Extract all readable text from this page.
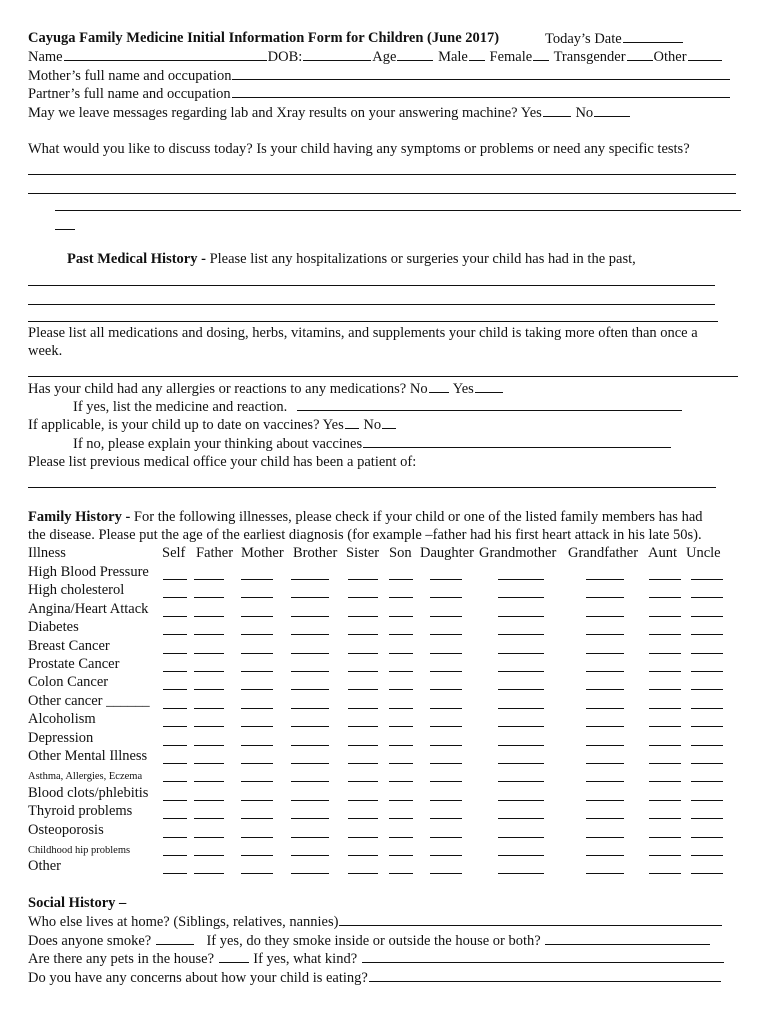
Cayuga Family Medicine Initial Information Form for Children (June 2017)	Today’s Date
Name	DOB:	Age	Male Female Transgender Other
Mother’s full name and occupation
Partner’s full name and occupation
May we leave messages regarding lab and Xray results on your answering machine? Yes No
What would you like to discuss today? Is your child having any symptoms or problems or need any specific tests?
Past Medical History - Please list any hospitalizations or surgeries your child has had in the past,
Please list all medications and dosing, herbs, vitamins, and supplements your child is taking more often than once a
week.
Has your child had any allergies or reactions to any medications? No Yes
If yes, list the medicine and reaction.
If applicable, is your child up to date on vaccines? Yes No
If no, please explain your thinking about vaccines
Please list previous medical office your child has been a patient of:
Family History - For the following illnesses, please check if your child or one of the listed family members has had
the disease. Please put the age of the earliest diagnosis (for example –father had his first heart attack in his late 50s).
Illness	Self Father Mother Brother Sister Son Daughter Grandmother Grandfather Aunt Uncle
High Blood Pressure
High cholesterol
Angina/Heart Attack
Diabetes
Breast Cancer
Prostate Cancer
Colon Cancer
Other cancer ______
Alcoholism
Depression
Other Mental Illness
Asthma, Allergies, Eczema
Blood clots/phlebitis
Thyroid problems
Osteoporosis
Childhood hip problems
Other
Social History –
Who else lives at home? (Siblings, relatives, nannies)
Does anyone smoke?	If yes, do they smoke inside or outside the house or both?
Are there any pets in the house?	If yes, what kind?
Do you have any concerns about how your child is eating?
